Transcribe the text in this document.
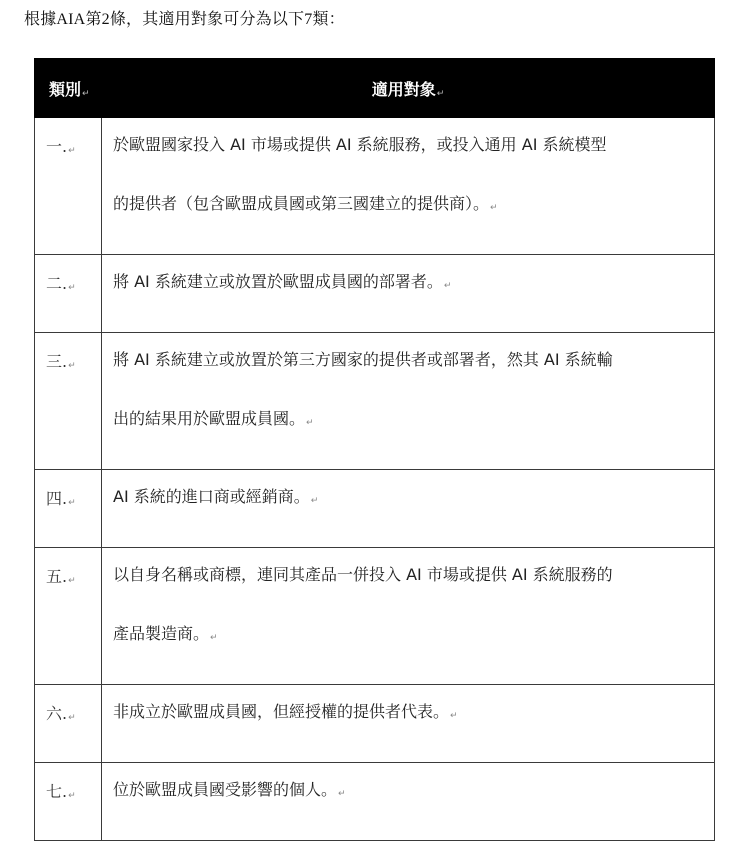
根據AIA第2條，其適用對象可分為以下7類：
類別↵	適用對象↵
一.↵	於歐盟國家投入 AI 市場或提供 AI 系統服務，或投入通用 AI 系統模型
的提供者（包含歐盟成員國或第三國建立的提供商）。↵

二.↵	將 AI 系統建立或放置於歐盟成員國的部署者。↵

三.↵	將 AI 系統建立或放置於第三方國家的提供者或部署者，然其 AI 系統輸
出的結果用於歐盟成員國。↵

四.↵	AI 系統的進口商或經銷商。↵

五.↵	以自身名稱或商標，連同其產品一併投入 AI 市場或提供 AI 系統服務的
產品製造商。↵

六.↵	非成立於歐盟成員國，但經授權的提供者代表。↵

七.↵	位於歐盟成員國受影響的個人。↵
